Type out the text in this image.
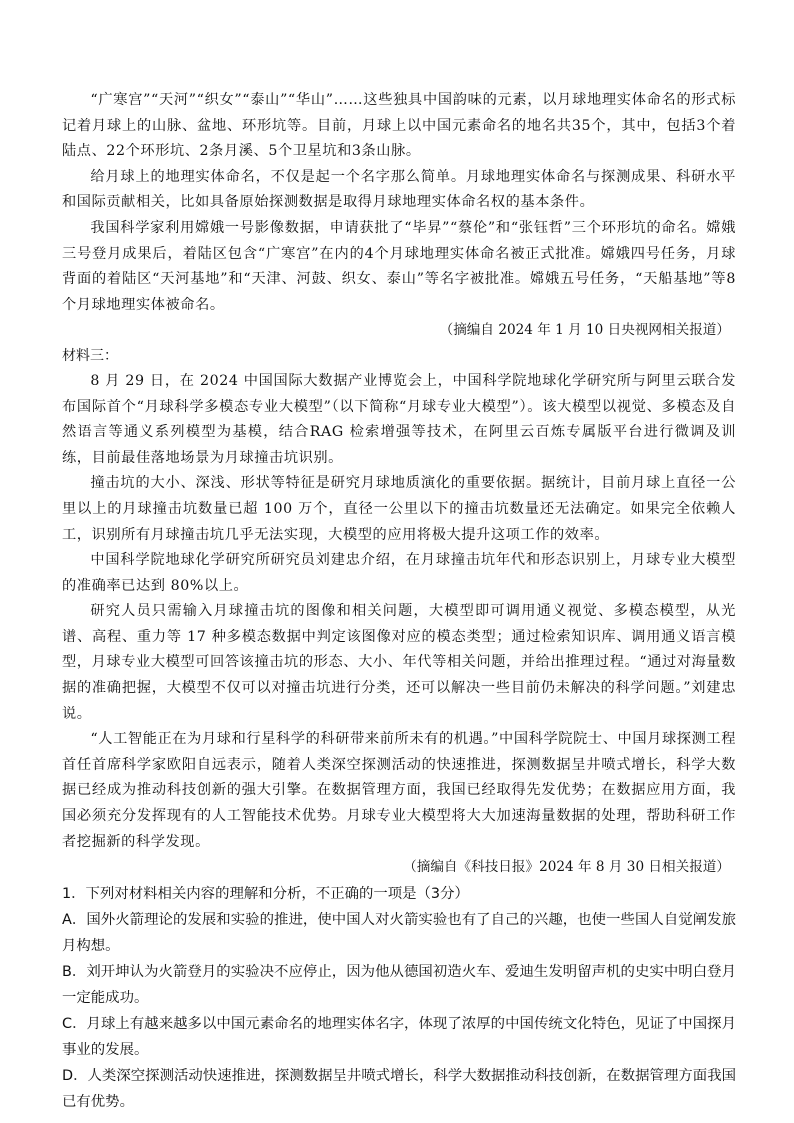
“广寒宫”“天河”“织女”“泰山”“华山”……这些独具中国韵味的元素，以月球地理实体命名的形式标记着月球上的山脉、盆地、环形坑等。目前，月球上以中国元素命名的地名共35个，其中，包括3个着陆点、22个环形坑、2条月溪、5个卫星坑和3条山脉。

给月球上的地理实体命名，不仅是起一个名字那么简单。月球地理实体命名与探测成果、科研水平和国际贡献相关，比如具备原始探测数据是取得月球地理实体命名权的基本条件。

我国科学家利用嫦娥一号影像数据，申请获批了“毕昇”“蔡伦”和“张钰哲”三个环形坑的命名。嫦娥三号登月成果后，着陆区包含“广寒宫”在内的4个月球地理实体命名被正式批准。嫦娥四号任务，月球背面的着陆区“天河基地”和“天津、河鼓、织女、泰山”等名字被批准。嫦娥五号任务，“天船基地”等8个月球地理实体被命名。

（摘编自 2024 年 1 月 10 日央视网相关报道）

材料三：

8 月 29 日，在 2024 中国国际大数据产业博览会上，中国科学院地球化学研究所与阿里云联合发布国际首个“月球科学多模态专业大模型”（以下简称“月球专业大模型”）。该大模型以视觉、多模态及自然语言等通义系列模型为基模，结合RAG 检索增强等技术，在阿里云百炼专属版平台进行微调及训练，目前最佳落地场景为月球撞击坑识别。

撞击坑的大小、深浅、形状等特征是研究月球地质演化的重要依据。据统计，目前月球上直径一公里以上的月球撞击坑数量已超 100 万个，直径一公里以下的撞击坑数量还无法确定。如果完全依赖人工，识别所有月球撞击坑几乎无法实现，大模型的应用将极大提升这项工作的效率。

中国科学院地球化学研究所研究员刘建忠介绍，在月球撞击坑年代和形态识别上，月球专业大模型的准确率已达到 80%以上。

研究人员只需输入月球撞击坑的图像和相关问题，大模型即可调用通义视觉、多模态模型，从光谱、高程、重力等 17 种多模态数据中判定该图像对应的模态类型；通过检索知识库、调用通义语言模型，月球专业大模型可回答该撞击坑的形态、大小、年代等相关问题，并给出推理过程。“通过对海量数据的准确把握，大模型不仅可以对撞击坑进行分类，还可以解决一些目前仍未解决的科学问题。”刘建忠说。

“人工智能正在为月球和行星科学的科研带来前所未有的机遇。”中国科学院院士、中国月球探测工程首任首席科学家欧阳自远表示，随着人类深空探测活动的快速推进，探测数据呈井喷式增长，科学大数据已经成为推动科技创新的强大引擎。在数据管理方面，我国已经取得先发优势；在数据应用方面，我国必须充分发挥现有的人工智能技术优势。月球专业大模型将大大加速海量数据的处理，帮助科研工作者挖掘新的科学发现。

（摘编自《科技日报》2024 年 8 月 30 日相关报道）

1．下列对材料相关内容的理解和分析，不正确的一项是（3分）

A．国外火箭理论的发展和实验的推进，使中国人对火箭实验也有了自己的兴趣，也使一些国人自觉阐发旅月构想。

B．刘开坤认为火箭登月的实验决不应停止，因为他从德国初造火车、爱迪生发明留声机的史实中明白登月一定能成功。

C．月球上有越来越多以中国元素命名的地理实体名字，体现了浓厚的中国传统文化特色，见证了中国探月事业的发展。

D．人类深空探测活动快速推进，探测数据呈井喷式增长，科学大数据推动科技创新，在数据管理方面我国已有优势。
